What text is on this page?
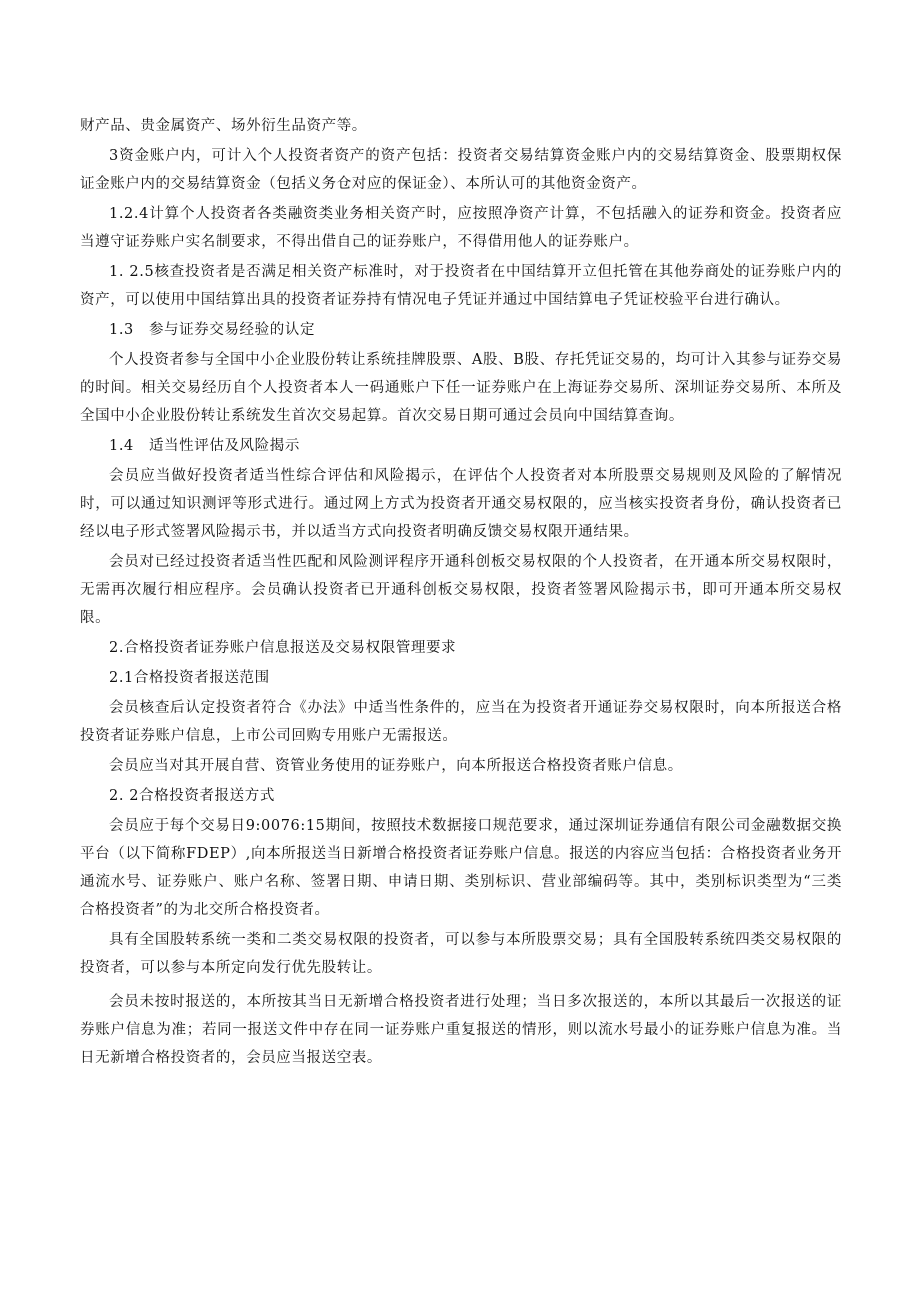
财产品、贵金属资产、场外衍生品资产等。

3资金账户内，可计入个人投资者资产的资产包括：投资者交易结算资金账户内的交易结算资金、股票期权保证金账户内的交易结算资金（包括义务仓对应的保证金）、本所认可的其他资金资产。

1.2.4计算个人投资者各类融资类业务相关资产时，应按照净资产计算，不包括融入的证券和资金。投资者应当遵守证券账户实名制要求，不得出借自己的证券账户，不得借用他人的证券账户。

1. 2.5核查投资者是否满足相关资产标准时，对于投资者在中国结算开立但托管在其他券商处的证券账户内的资产，可以使用中国结算出具的投资者证券持有情况电子凭证并通过中国结算电子凭证校验平台进行确认。

1.3　参与证券交易经验的认定

个人投资者参与全国中小企业股份转让系统挂牌股票、A股、B股、存托凭证交易的，均可计入其参与证券交易的时间。相关交易经历自个人投资者本人一码通账户下任一证券账户在上海证券交易所、深圳证券交易所、本所及全国中小企业股份转让系统发生首次交易起算。首次交易日期可通过会员向中国结算查询。

1.4　适当性评估及风险揭示

会员应当做好投资者适当性综合评估和风险揭示，在评估个人投资者对本所股票交易规则及风险的了解情况时，可以通过知识测评等形式进行。通过网上方式为投资者开通交易权限的，应当核实投资者身份，确认投资者已经以电子形式签署风险揭示书，并以适当方式向投资者明确反馈交易权限开通结果。

会员对已经过投资者适当性匹配和风险测评程序开通科创板交易权限的个人投资者，在开通本所交易权限时，无需再次履行相应程序。会员确认投资者已开通科创板交易权限，投资者签署风险揭示书，即可开通本所交易权限。

2.合格投资者证券账户信息报送及交易权限管理要求

2.1合格投资者报送范围

会员核查后认定投资者符合《办法》中适当性条件的，应当在为投资者开通证券交易权限时，向本所报送合格投资者证券账户信息，上市公司回购专用账户无需报送。

会员应当对其开展自营、资管业务使用的证券账户，向本所报送合格投资者账户信息。

2. 2合格投资者报送方式

会员应于每个交易日9:0076:15期间，按照技术数据接口规范要求，通过深圳证券通信有限公司金融数据交换平台（以下简称FDEP）,向本所报送当日新增合格投资者证券账户信息。报送的内容应当包括：合格投资者业务开通流水号、证券账户、账户名称、签署日期、申请日期、类别标识、营业部编码等。其中，类别标识类型为“三类合格投资者”的为北交所合格投资者。

具有全国股转系统一类和二类交易权限的投资者，可以参与本所股票交易；具有全国股转系统四类交易权限的投资者，可以参与本所定向发行优先股转让。

会员未按时报送的，本所按其当日无新增合格投资者进行处理；当日多次报送的，本所以其最后一次报送的证券账户信息为准；若同一报送文件中存在同一证券账户重复报送的情形，则以流水号最小的证券账户信息为准。当日无新增合格投资者的，会员应当报送空表。
